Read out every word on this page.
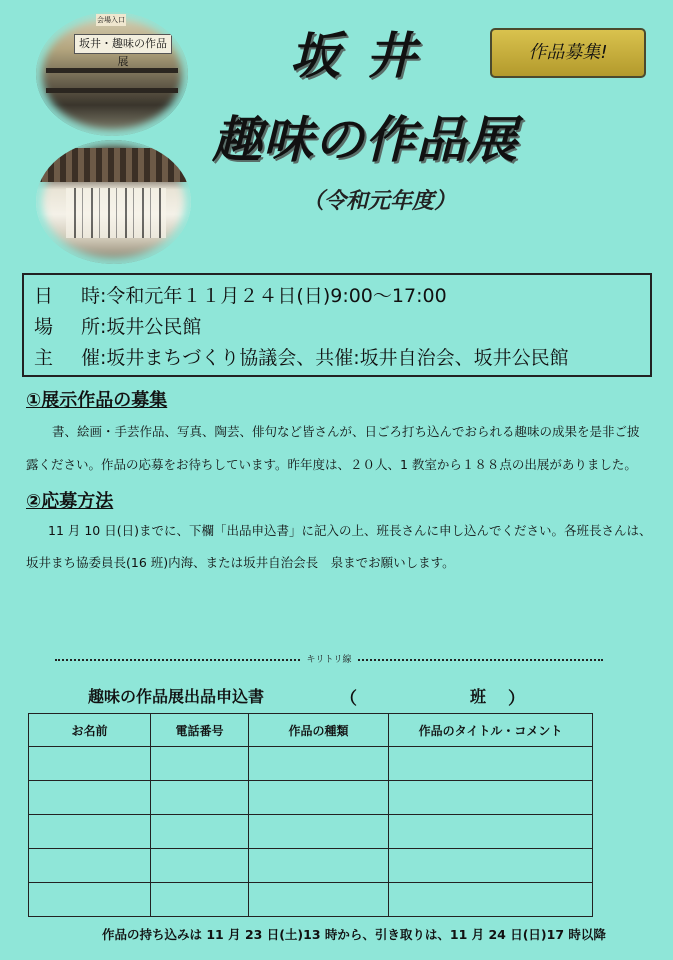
会場入口
坂井・趣味の作品展	坂井
趣味の作品展
（令和元年度）
作品募集!
日時:令和元年１１月２４日(日)9:00～17:00
場所:坂井公民館
主催:坂井まちづくり協議会、共催:坂井自治会、坂井公民館
①展示作品の募集
書、絵画・手芸作品、写真、陶芸、俳句など皆さんが、日ごろ打ち込んでおられる趣味の成果を是非ご披
露ください。作品の応募をお待ちしています。昨年度は、２０人、1 教室から１８８点の出展がありました。
②応募方法
11 月 10 日(日)までに、下欄「出品申込書」に記入の上、班長さんに申し込んでください。各班長さんは、
坂井まち協委員長(16 班)内海、または坂井自治会長　泉までお願いします。
キリトリ線
趣味の作品展出品申込書	（	班 ）
お名前	電話番号	作品の種類	作品のタイトル・コメント

作品の持ち込みは 11 月 23 日(土)13 時から、引き取りは、11 月 24 日(日)17 時以降
